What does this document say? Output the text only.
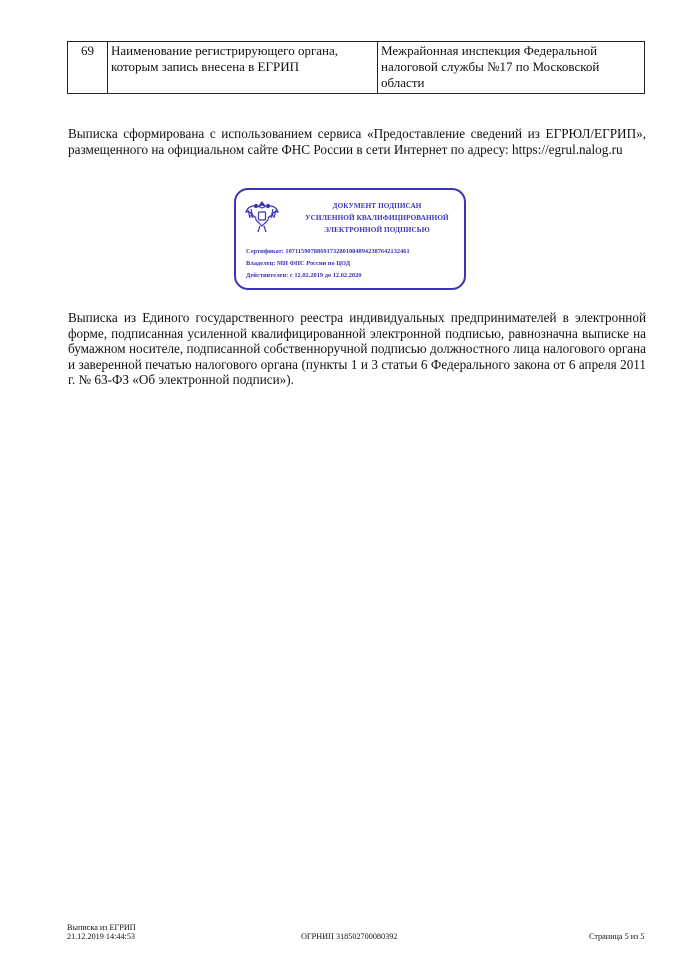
69	Наименование регистрирующего органа, которым запись внесена в ЕГРИП	Межрайонная инспекция Федеральной налоговой службы №17 по Московской области

Выписка сформирована с использованием сервиса «Предоставление сведений из ЕГРЮЛ/ЕГРИП», размещенного на официальном сайте ФНС России в сети Интернет по адресу: https://egrul.nalog.ru

ДОКУМЕНТ ПОДПИСАН
УСИЛЕННОЙ КВАЛИФИЦИРОВАННОЙ
ЭЛЕКТРОННОЙ ПОДПИСЬЮ
Сертификат: 107115907886917328010848942387642132461
Владелец: МИ ФНС России по ЦОД
Действителен: с 12.02.2019 до 12.02.2020

Выписка из Единого государственного реестра индивидуальных предпринимателей в электронной форме, подписанная усиленной квалифицированной электронной подписью, равнозначна выписке на бумажном носителе, подписанной собственноручной подписью должностного лица налогового органа и заверенной печатью налогового органа (пункты 1 и 3 статьи 6 Федерального закона от 6 апреля 2011 г. № 63-ФЗ «Об электронной подписи»).

Выписка из ЕГРИП
21.12.2019 14:44:53	ОГРНИП 318502700080392	Страница 5 из 5
